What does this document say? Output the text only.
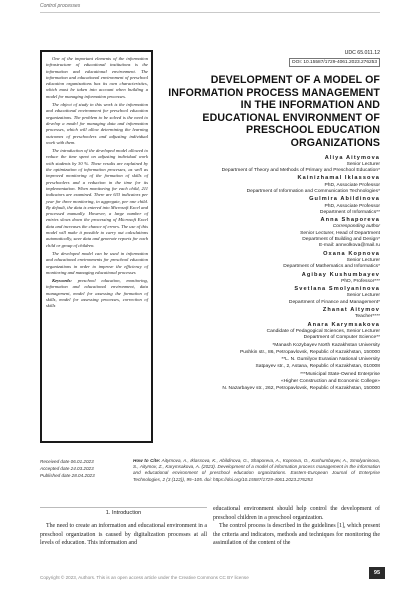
Control processes

One of the important elements of the information infrastructure of educational institutions is the information and educational environment. The information and educational environment of preschool education organizations has its own characteristics, which must be taken into account when building a model for managing information processes.

The object of study in this work is the information and educational environment for preschool education organizations. The problem to be solved is the need to develop a model for managing data and information processes, which will allow determining the learning outcomes of preschoolers and adjusting individual work with them.

The introduction of the developed model allowed to reduce the time spent on adjusting individual work with students by 30 %. These results are explained by the optimization of information processes, as well as improved monitoring of the formation of skills of preschoolers and a reduction in the time for its implementation. When monitoring for each child, 211 indicators are examined. There are 633 indicators per year for three monitoring, in aggregate, per one child. By default, the data is entered into Microsoft Excel and processed manually. However, a large number of entries slows down the processing of Microsoft Excel data and increases the chance of errors. The use of this model will make it possible to carry out calculations automatically, save data and generate reports for each child or group of children.

The developed model can be used in information and educational environments for preschool education organizations in order to improve the efficiency of monitoring and managing educational processes

Keywords: preschool education, monitoring, information and educational environment, data management, model for assessing the formation of skills, model for assessing processes, correction of skills

UDC 65.011.12
DOI: 10.15587/1729-4061.2023.276253
DEVELOPMENT OF A MODEL OF INFORMATION PROCESS MANAGEMENT IN THE INFORMATION AND EDUCATIONAL ENVIRONMENT OF PRESCHOOL EDUCATION ORGANIZATIONS
Aliya Aitymova
Senior Lecturer
Department of Theory and Methods of Primary and Preschool Education*
Kainizhamal Iklassova
PhD, Associate Professor
Department of Information and Communication Technologies*
Gulmira Abildinova
PhD, Associate Professor
Department of Informatics**
Anna Shaporeva
Corresponding author
Senior Lecturer, Head of Department
Department of Building and Design*
E-mail: annvolkova@mail.ru
Oxana Kopnova
Senior Lecturer
Department of Mathematics and Informatics*
Agibay Kushumbayev
PhD, Professor***
Svetlana Smolyaninova
Senior Lecturer
Department of Finance and Management*
Zhanat Aitymov
Teacher****
Anara Karymsakova
Candidate of Pedagogical Sciences, Senior Lecturer
Department of Computer Science**
*Manash Kozybayev North Kazakhstan University
Pushkin str., 86, Petropavlovsk, Republic of Kazakhstan, 150000
**L. N. Gumilyov Eurasian National University
Satpayev str., 2, Astana, Republic of Kazakhstan, 010008
***Municipal State-Owned Enterprise
«Higher Construction and Economic College»
N. Nazarbayev str., 262, Petropavlovsk, Republic of Kazakhstan, 150000
Received date 06.01.2023
Accepted date 24.03.2023
Published date 28.04.2023
How to Cite: Aitymova, A., Iklassova, K., Abildinova, G., Shaporeva, A., Kopnova, O., Kushumbayev, A., Smolyaninova, S., Aitymov, Z., Karymsakova, A. (2023). Development of a model of information process management in the information and educational environment of preschool education organizations. Eastern-European Journal of Enterprise Technologies, 2 (3 (122)), 95–105. doi: https://doi.org/10.15587/1729-4061.2023.276253
1. Introduction

The need to create an information and educational environment in a preschool organization is caused by digitalization processes at all levels of education. This information and

educational environment should help control the development of preschool children in a preschool organization.

The control process is described in the guidelines [1], which present the criteria and indicators, methods and techniques for monitoring the assimilation of the content of the

Copyright © 2023, Authors. This is an open access article under the Creative Commons CC BY license
95
